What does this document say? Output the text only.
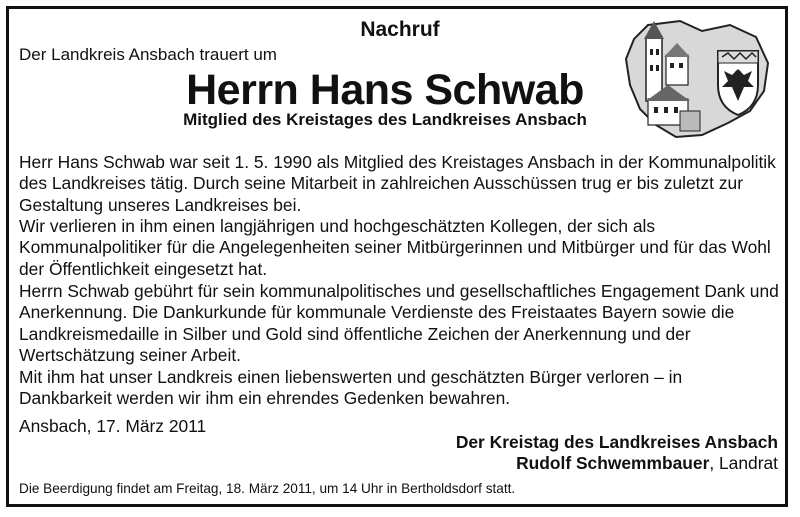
Nachruf
Der Landkreis Ansbach trauert um
Herrn Hans Schwab
Mitglied des Kreistages des Landkreises Ansbach
Herr Hans Schwab war seit 1. 5. 1990 als Mitglied des Kreistages Ansbach in der Kommunalpolitik des Landkreises tätig. Durch seine Mitarbeit in zahlreichen Ausschüssen trug er bis zuletzt zur Gestaltung unseres Landkreises bei.
Wir verlieren in ihm einen langjährigen und hochgeschätzten Kollegen, der sich als Kommunalpolitiker für die Angelegenheiten seiner Mitbürgerinnen und Mitbürger und für das Wohl der Öffentlichkeit eingesetzt hat.
Herrn Schwab gebührt für sein kommunalpolitisches und gesellschaftliches Engagement Dank und Anerkennung. Die Dankurkunde für kommunale Verdienste des Freistaates Bayern sowie die Landkreismedaille in Silber und Gold sind öffentliche Zeichen der Anerkennung und der Wertschätzung seiner Arbeit.
Mit ihm hat unser Landkreis einen liebenswerten und geschätzten Bürger verloren – in Dankbarkeit werden wir ihm ein ehrendes Gedenken bewahren.
Ansbach, 17. März 2011
Der Kreistag des Landkreises Ansbach
Rudolf Schwemmbauer, Landrat
Die Beerdigung findet am Freitag, 18. März 2011, um 14 Uhr in Bertholdsdorf statt.
